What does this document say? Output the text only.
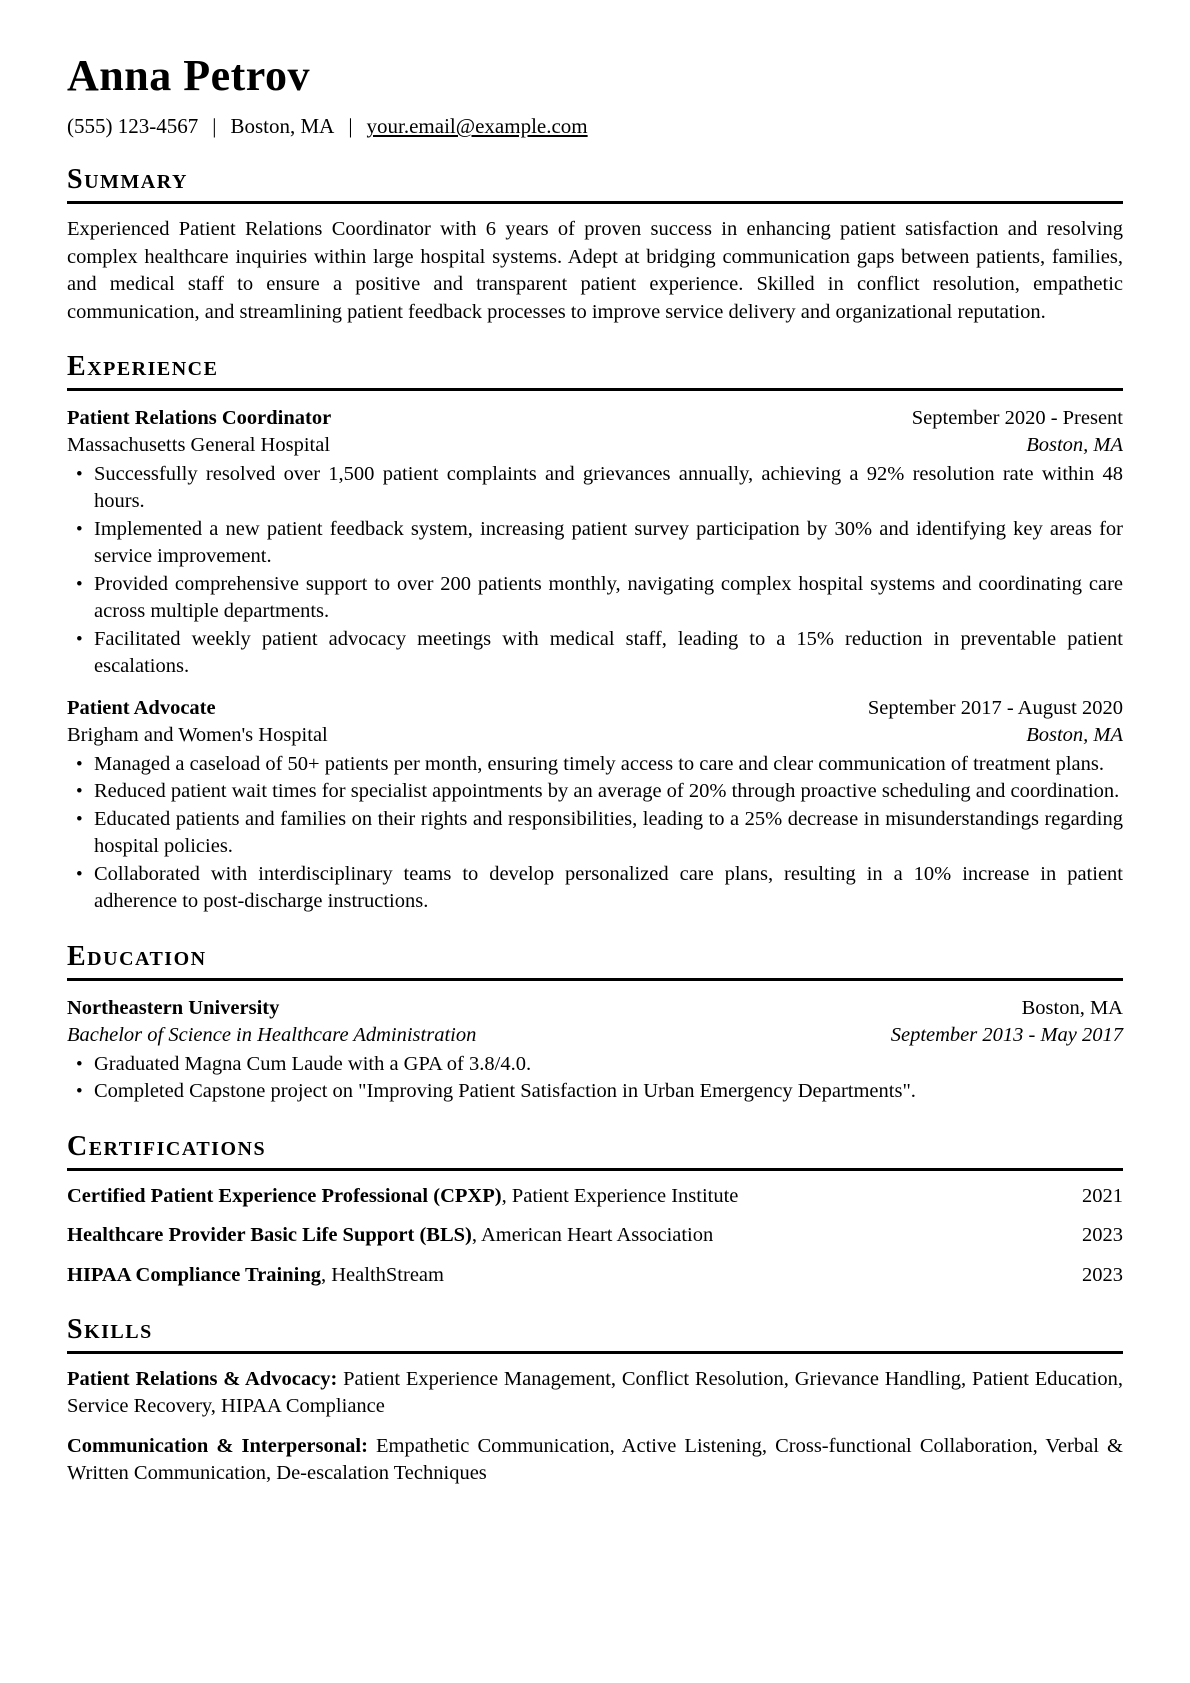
Anna Petrov
(555) 123-4567 | Boston, MA | your.email@example.com
Summary

Experienced Patient Relations Coordinator with 6 years of proven success in enhancing patient satisfaction and resolving complex healthcare inquiries within large hospital systems. Adept at bridging communication gaps between patients, families, and medical staff to ensure a positive and transparent patient experience. Skilled in conflict resolution, empathetic communication, and streamlining patient feedback processes to improve service delivery and organizational reputation.

Experience
Patient Relations Coordinator	September 2020 - Present
Massachusetts General Hospital	Boston, MA
• Successfully resolved over 1,500 patient complaints and grievances annually, achieving a 92% resolution rate within 48 hours.
• Implemented a new patient feedback system, increasing patient survey participation by 30% and identifying key areas for service improvement.
• Provided comprehensive support to over 200 patients monthly, navigating complex hospital systems and coordinating care across multiple departments.
• Facilitated weekly patient advocacy meetings with medical staff, leading to a 15% reduction in preventable patient escalations.
Patient Advocate	September 2017 - August 2020
Brigham and Women's Hospital	Boston, MA
• Managed a caseload of 50+ patients per month, ensuring timely access to care and clear communication of treatment plans.
• Reduced patient wait times for specialist appointments by an average of 20% through proactive scheduling and coordination.
• Educated patients and families on their rights and responsibilities, leading to a 25% decrease in misunderstandings regarding hospital policies.
• Collaborated with interdisciplinary teams to develop personalized care plans, resulting in a 10% increase in patient adherence to post-discharge instructions.
Education
Northeastern University	Boston, MA
Bachelor of Science in Healthcare Administration	September 2013 - May 2017
• Graduated Magna Cum Laude with a GPA of 3.8/4.0.
• Completed Capstone project on "Improving Patient Satisfaction in Urban Emergency Departments".
Certifications
Certified Patient Experience Professional (CPXP), Patient Experience Institute	2021
Healthcare Provider Basic Life Support (BLS), American Heart Association	2023
HIPAA Compliance Training, HealthStream	2023
Skills

Patient Relations & Advocacy: Patient Experience Management, Conflict Resolution, Grievance Handling, Patient Education, Service Recovery, HIPAA Compliance

Communication & Interpersonal: Empathetic Communication, Active Listening, Cross-functional Collaboration, Verbal & Written Communication, De-escalation Techniques
